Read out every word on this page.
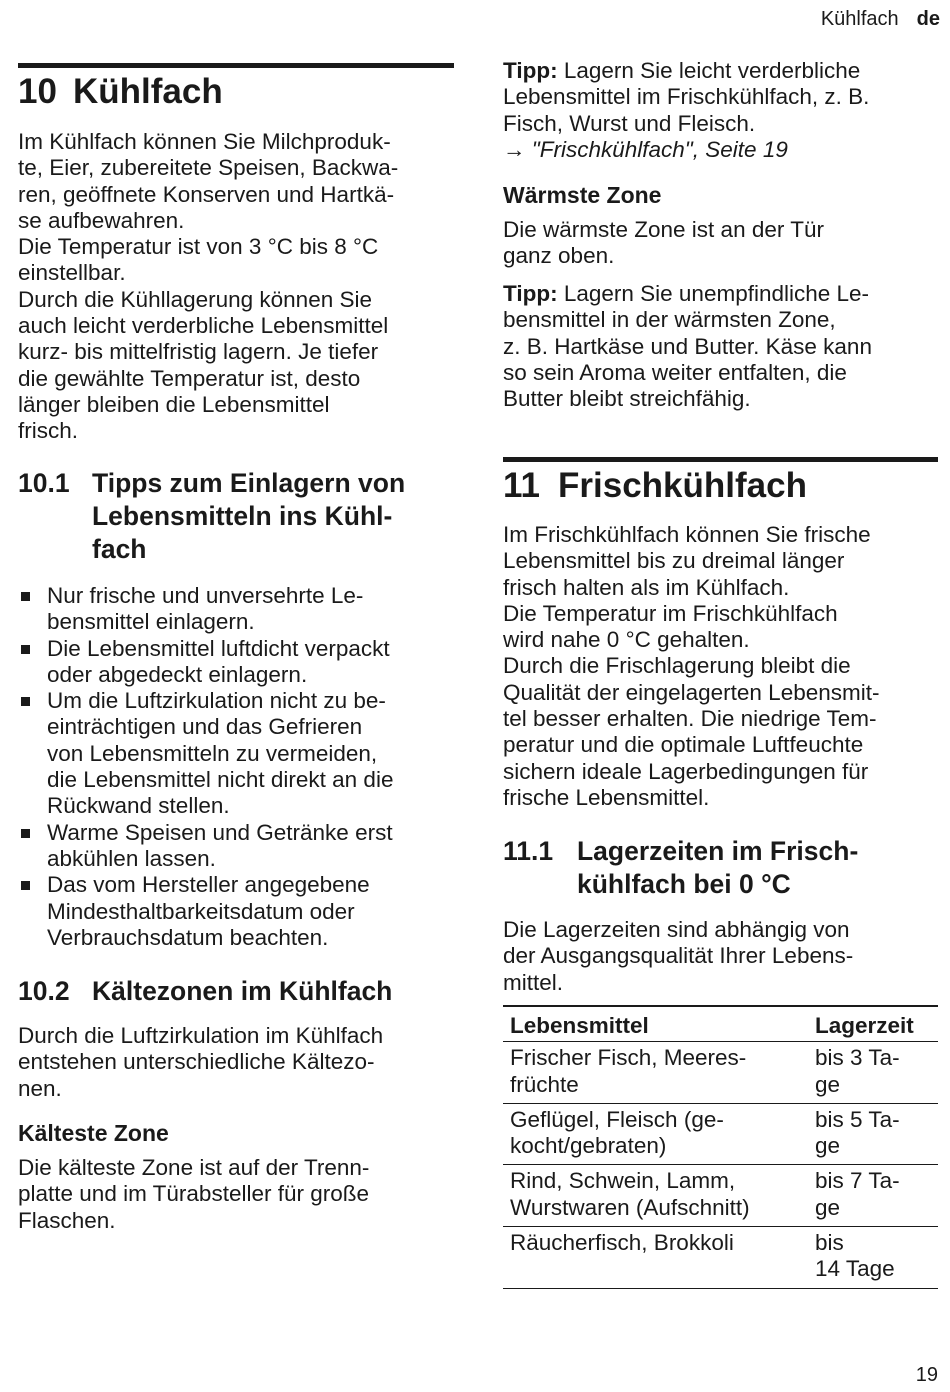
Kühlfach de
10 Kühlfach

Im Kühlfach können Sie Milchproduk-

te, Eier, zubereitete Speisen, Backwa-

ren, geöffnete Konserven und Hartkä-

se aufbewahren.

Die Temperatur ist von 3 °C bis 8 °C

einstellbar.

Durch die Kühllagerung können Sie

auch leicht verderbliche Lebensmittel

kurz- bis mittelfristig lagern. Je tiefer

die gewählte Temperatur ist, desto

länger bleiben die Lebensmittel

frisch.

10.1 Tipps zum Einlagern von
Lebensmitteln ins Kühl-
fach
Nur frische und unversehrte Le-
bensmittel einlagern.
Die Lebensmittel luftdicht verpackt
oder abgedeckt einlagern.
Um die Luftzirkulation nicht zu be-
einträchtigen und das Gefrieren
von Lebensmitteln zu vermeiden,
die Lebensmittel nicht direkt an die
Rückwand stellen.
Warme Speisen und Getränke erst
abkühlen lassen.
Das vom Hersteller angegebene
Mindesthaltbarkeitsdatum oder
Verbrauchsdatum beachten.
10.2 Kältezonen im Kühlfach

Durch die Luftzirkulation im Kühlfach

entstehen unterschiedliche Kältezo-

nen.

Kälteste Zone

Die kälteste Zone ist auf der Trenn-

platte und im Türabsteller für große

Flaschen.

Tipp: Lagern Sie leicht verderbliche

Lebensmittel im Frischkühlfach, z. B.

Fisch, Wurst und Fleisch.

→ "Frischkühlfach", Seite 19

Wärmste Zone

Die wärmste Zone ist an der Tür

ganz oben.

Tipp: Lagern Sie unempfindliche Le-

bensmittel in der wärmsten Zone,

z. B. Hartkäse und Butter. Käse kann

so sein Aroma weiter entfalten, die

Butter bleibt streichfähig.

11 Frischkühlfach

Im Frischkühlfach können Sie frische

Lebensmittel bis zu dreimal länger

frisch halten als im Kühlfach.

Die Temperatur im Frischkühlfach

wird nahe 0 °C gehalten.

Durch die Frischlagerung bleibt die

Qualität der eingelagerten Lebensmit-

tel besser erhalten. Die niedrige Tem-

peratur und die optimale Luftfeuchte

sichern ideale Lagerbedingungen für

frische Lebensmittel.

11.1 Lagerzeiten im Frisch-
kühlfach bei 0 °C

Die Lagerzeiten sind abhängig von

der Ausgangsqualität Ihrer Lebens-

mittel.

Lebensmittel	Lagerzeit
Frischer Fisch, Meeres-
früchte	bis 3 Ta-
ge
Geflügel, Fleisch (ge-
kocht/gebraten)	bis 5 Ta-
ge
Rind, Schwein, Lamm,
Wurstwaren (Aufschnitt)	bis 7 Ta-
ge
Räucherfisch, Brokkoli	bis
14 Tage
19
